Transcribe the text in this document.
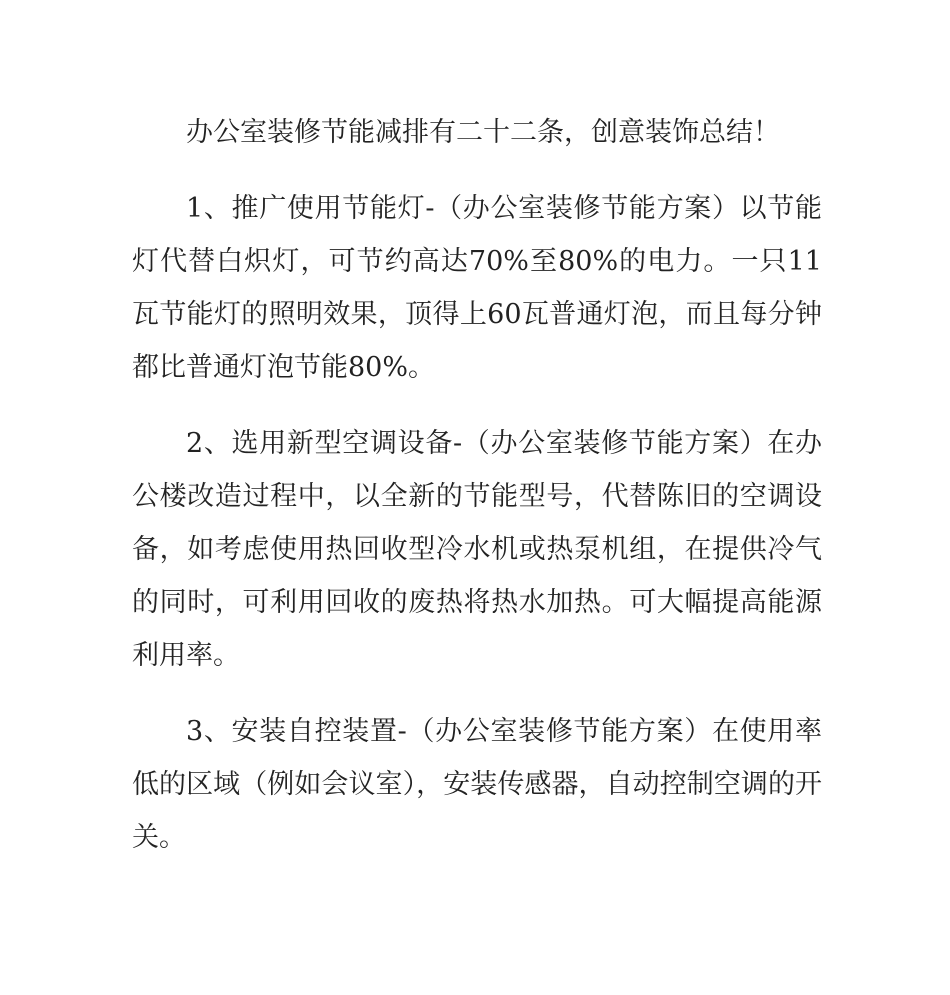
办公室装修节能减排有二十二条，创意装饰总结！

1、推广使用节能灯-（办公室装修节能方案）以节能灯代替白炽灯，可节约高达70%至80%的电力。一只11瓦节能灯的照明效果，顶得上60瓦普通灯泡，而且每分钟都比普通灯泡节能80%。

2、选用新型空调设备-（办公室装修节能方案）在办公楼改造过程中，以全新的节能型号，代替陈旧的空调设备，如考虑使用热回收型冷水机或热泵机组，在提供冷气的同时，可利用回收的废热将热水加热。可大幅提高能源利用率。

3、安装自控装置-（办公室装修节能方案）在使用率低的区域（例如会议室），安装传感器，自动控制空调的开关。
